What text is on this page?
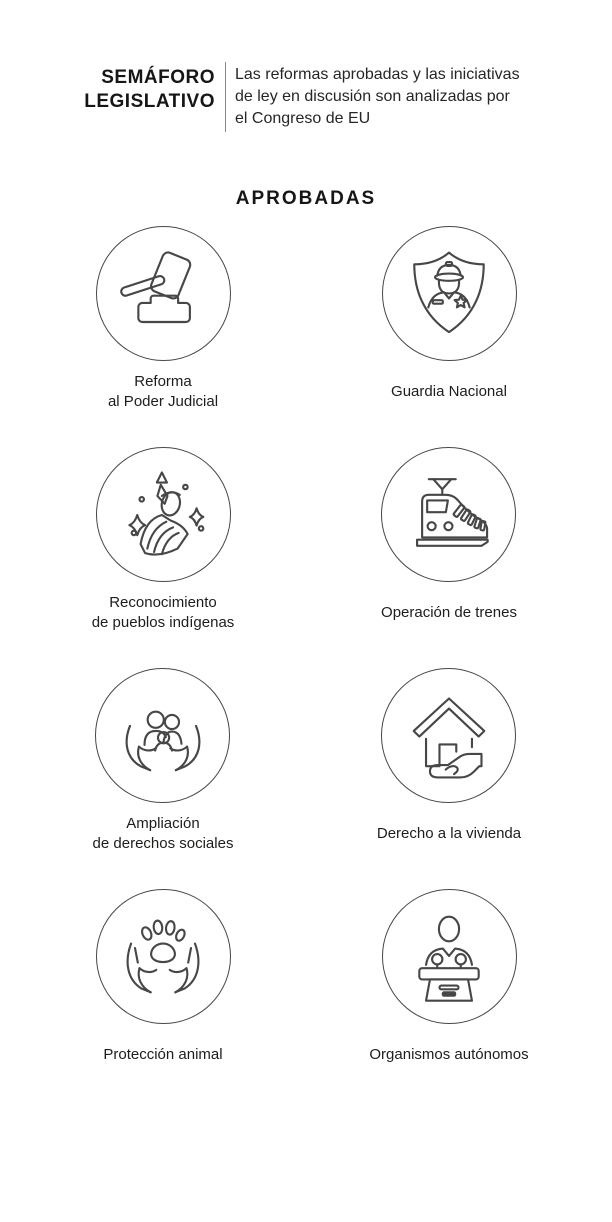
SEMÁFORO
LEGISLATIVO
Las reformas aprobadas y las iniciativas
de ley en discusión son analizadas por
el Congreso de EU
APROBADAS
Reforma
al Poder Judicial
Guardia Nacional
Reconocimiento
de pueblos indígenas
Operación de trenes
Ampliación
de derechos sociales
Derecho a la vivienda
Protección animal	Organismos autónomos
